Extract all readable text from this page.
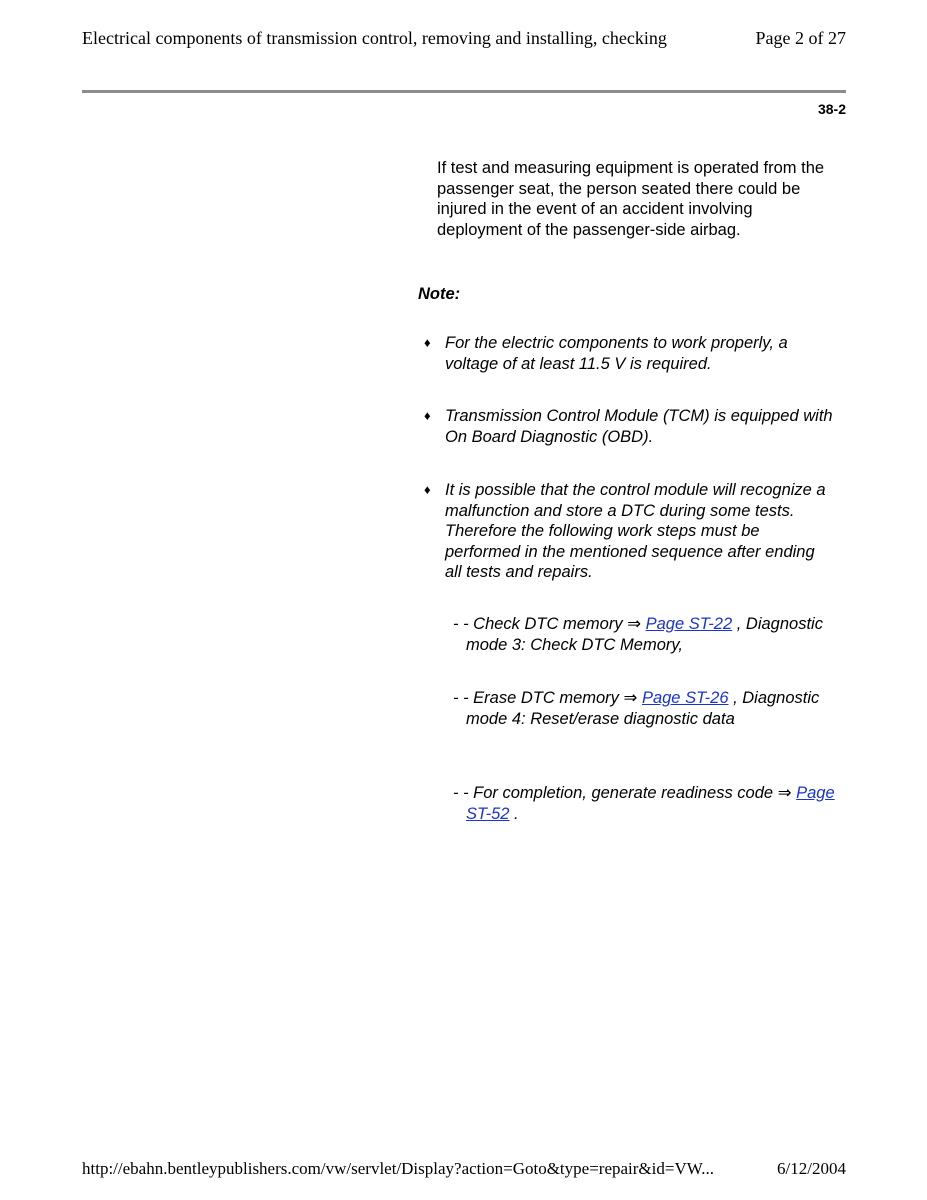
Electrical components of transmission control, removing and installing, checking	Page 2 of 27
38-2

If test and measuring equipment is operated from the passenger seat, the person seated there could be injured in the event of an accident involving deployment of the passenger-side airbag.

Note:
♦ For the electric components to work properly, a voltage of at least 11.5 V is required.
♦ Transmission Control Module (TCM) is equipped with On Board Diagnostic (OBD).
♦ It is possible that the control module will recognize a malfunction and store a DTC during some tests. Therefore the following work steps must be performed in the mentioned sequence after ending all tests and repairs.
- - Check DTC memory ⇒ Page ST-22 , Diagnostic mode 3: Check DTC Memory,
- - Erase DTC memory ⇒ Page ST-26 , Diagnostic mode 4: Reset/erase diagnostic data
- - For completion, generate readiness code ⇒ Page ST-52 .
http://ebahn.bentleypublishers.com/vw/servlet/Display?action=Goto&type=repair&id=VW...	6/12/2004
